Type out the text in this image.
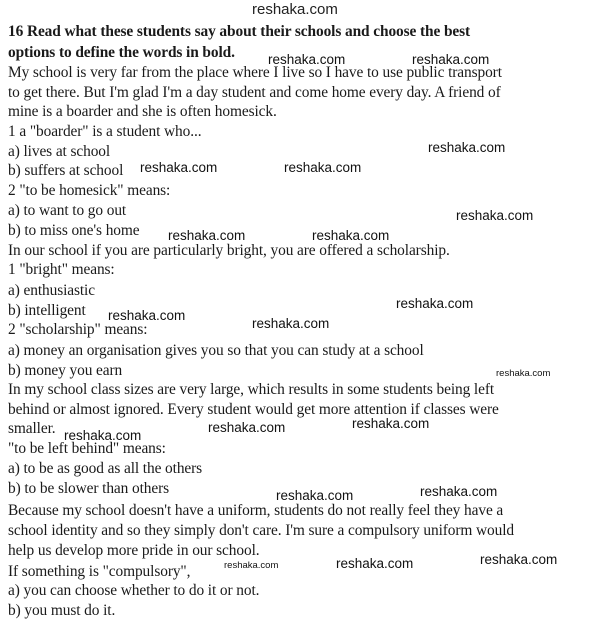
16 Read what these students say about their schools and choose the best
options to define the words in bold.
My school is very far from the place where I live so I have to use public transport
to get there. But I'm glad I'm a day student and come home every day. A friend of
mine is a boarder and she is often homesick.
1 a "boarder" is a student who...
a) lives at school
b) suffers at school
2 "to be homesick" means:
a) to want to go out
b) to miss one's home
In our school if you are particularly bright, you are offered a scholarship.
1 "bright" means:
a) enthusiastic
b) intelligent
2 "scholarship" means:
a) money an organisation gives you so that you can study at a school
b) money you earn
In my school class sizes are very large, which results in some students being left
behind or almost ignored. Every student would get more attention if classes were
smaller.
"to be left behind" means:
a) to be as good as all the others
b) to be slower than others
Because my school doesn't have a uniform, students do not really feel they have a
school identity and so they simply don't care. I'm sure a compulsory uniform would
help us develop more pride in our school.
If something is "compulsory",
a) you can choose whether to do it or not.
b) you must do it.
reshaka.com
reshaka.com	reshaka.com
reshaka.com
reshaka.com	reshaka.com
reshaka.com
reshaka.com	reshaka.com
reshaka.com
reshaka.com
reshaka.com
reshaka.com
reshaka.com
reshaka.com
reshaka.com
reshaka.com
reshaka.com
reshaka.com
reshaka.com
reshaka.com
